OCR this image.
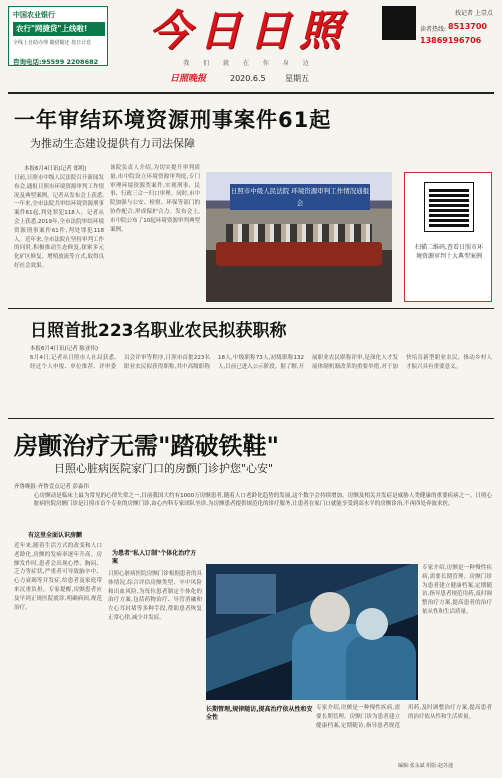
中国农业银行
农行"网捷贷"上线啦!
全线上自助办理 随借随还 按日计息
咨询电话:95599 2208682
今日日照
我 们 就 在 你 身 边
日照晚报	2020.6.5 星期五
找记者 上壹点
读者热线: 8513700
13869196706
一年审结环境资源刑事案件61起
为推动生态建设提供有力司法保障
本报6月4日讯(记者 郑明)
日前,日照市中级人民法院召开新闻发布会,通报日照市环境资源审判工作情况及典型案例。记者从发布会上获悉,一年来,全市法院共审结环境资源刑事案件61起,判处罪犯118人。记者从会上获悉,2019年,全市法院审结环境资源刑事案件61件,判处罪犯118人。近年来,全市法院在坚持审判工作的同时,积极推动生态修复,探索多元化矿区修复、增殖放流等方式,取得良好社会效果。
该院负责人介绍,为切实提升审判质量,市中院设立环境资源审判庭,专门审理环境资源类案件,实现刑事、民事、行政三合一归口审理。同时,市中院加强与公安、检察、环保等部门的协作配合,形成保护合力。发布会上,市中院公布了10起环境资源审判典型案例。
日照市中级人民法院 环境资源审判工作情况通报会
扫描二维码,查看日照市环境资源审判十大典型案例
日照首批223名职业农民拟获职称
本报6月4日讯(记者 陈亚伟)
6月4日,记者从日照市人社局获悉,经过个人申报、单位推荐、评审委员会评审等程序,日照市首批223名职业农民拟获得职称,其中高级职称18人,中级职称73人,初级职称132人,目前已进入公示阶段。据了解,开展职业农民职称评审,是深化人才发展体制机制改革的重要举措,对于加快培育新型职业农民、推动乡村人才振兴具有重要意义。
房颤治疗无需"踏破铁鞋"
日照心脏病医院家门口的房颤门诊护您"心安"
齐鲁晚报·齐鲁壹点记者 彭淼伟
心房颤动是临床上最为常见的心律失常之一,目前我国大约有1000万房颤患者,随着人口老龄化趋势的发展,这个数字会持续增加。房颤及相关并发症是威胁人类健康的重要疾病之一。日照心脏病医院房颤门诊是日照市首个专业的房颤门诊,由心内科专家团队坐诊,为房颤患者提供规范化的诊疗服务,让患者在家门口就能享受到高水平的房颤诊治,不再四处奔波求医。
有这里全面认识房颤
近年来,随着生活方式的改变和人口老龄化,房颤的发病率逐年升高。房颤发作时,患者会出现心悸、胸闷、乏力等症状,严重者可导致脑卒中、心力衰竭等并发症,给患者及家庭带来沉重负担。专家提醒,房颤患者应及早到正规医院就诊,明确病因,规范治疗。
为患者"私人订制"个体化治疗方案
日照心脏病医院房颤门诊根据患者的具体情况,综合评估房颤类型、卒中风险和出血风险,为每位患者制定个体化的治疗方案,包括药物治疗、导管消融和左心耳封堵等多种手段,帮助患者恢复正常心律,减少并发症。
长期管理,规律随访,提高治疗依从性和安全性
专家介绍,房颤是一种慢性疾病,需要长期管理。房颤门诊为患者建立健康档案,定期随访,指导患者规范用药,及时调整治疗方案,提高患者的治疗依从性和生活质量。
专家介绍,房颤是一种慢性疾病,需要长期管理。房颤门诊为患者建立健康档案,定期随访,指导患者规范用药,及时调整治疗方案,提高患者的治疗依从性和生活质量。
编辑:张永斌 组版:赵苏通
